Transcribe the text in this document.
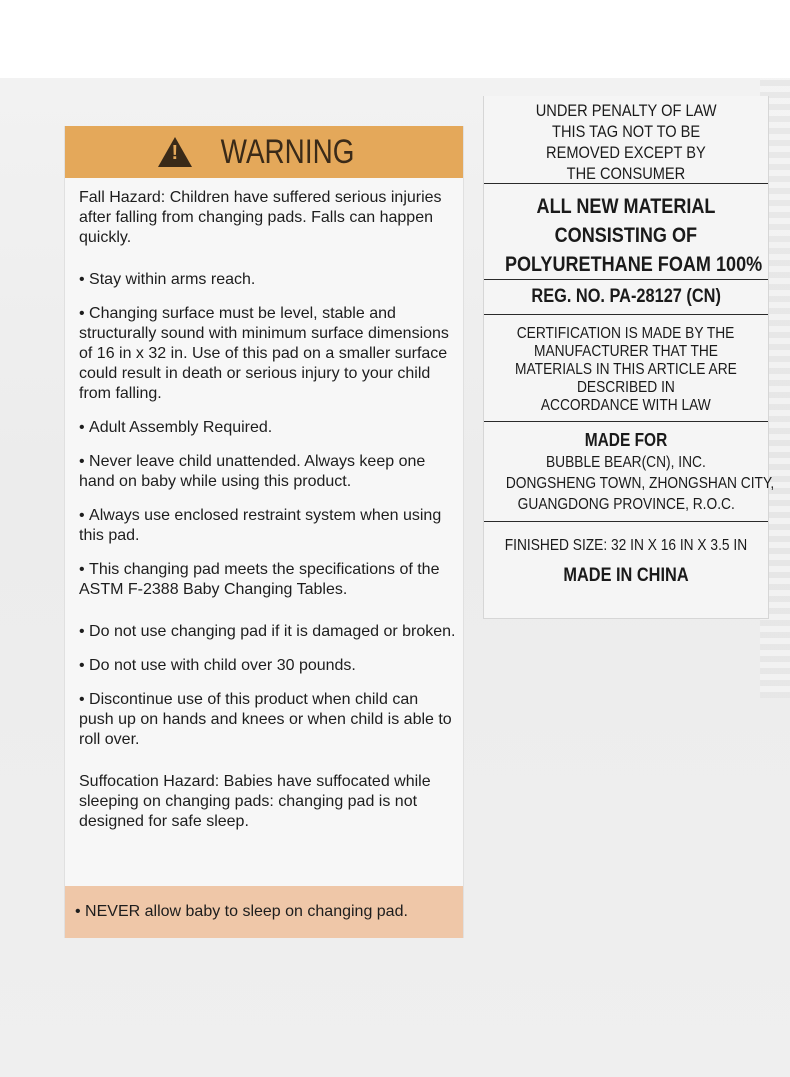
!
WARNING

Fall Hazard: Children have suffered serious injuries after falling from changing pads. Falls can happen quickly.

• Stay within arms reach.
• Changing surface must be level, stable and structurally sound with minimum surface dimensions of 16 in x 32 in. Use of this pad on a smaller surface could result in death or serious injury to your child from falling.
• Adult Assembly Required.
• Never leave child unattended. Always keep one hand on baby while using this product.
• Always use enclosed restraint system when using this pad.
• This changing pad meets the specifications of the ASTM F-2388 Baby Changing Tables.
• Do not use changing pad if it is damaged or broken.
• Do not use with child over 30 pounds.
• Discontinue use of this product when child can push up on hands and knees or when child is able to roll over.

Suffocation Hazard: Babies have suffocated while sleeping on changing pads: changing pad is not designed for safe sleep.

• NEVER allow baby to sleep on changing pad.
UNDER PENALTY OF LAW
THIS TAG NOT TO BE
REMOVED EXCEPT BY
THE CONSUMER
ALL NEW MATERIAL
CONSISTING OF
POLYURETHANE FOAM 100%
REG. NO. PA-28127 (CN)
CERTIFICATION IS MADE BY THE
MANUFACTURER THAT THE
MATERIALS IN THIS ARTICLE ARE
DESCRIBED IN
ACCORDANCE WITH LAW
MADE FOR
BUBBLE BEAR(CN), INC.
DONGSHENG TOWN, ZHONGSHAN CITY,
GUANGDONG PROVINCE, R.O.C.
FINISHED SIZE: 32 IN X 16 IN X 3.5 IN

MADE IN CHINA
